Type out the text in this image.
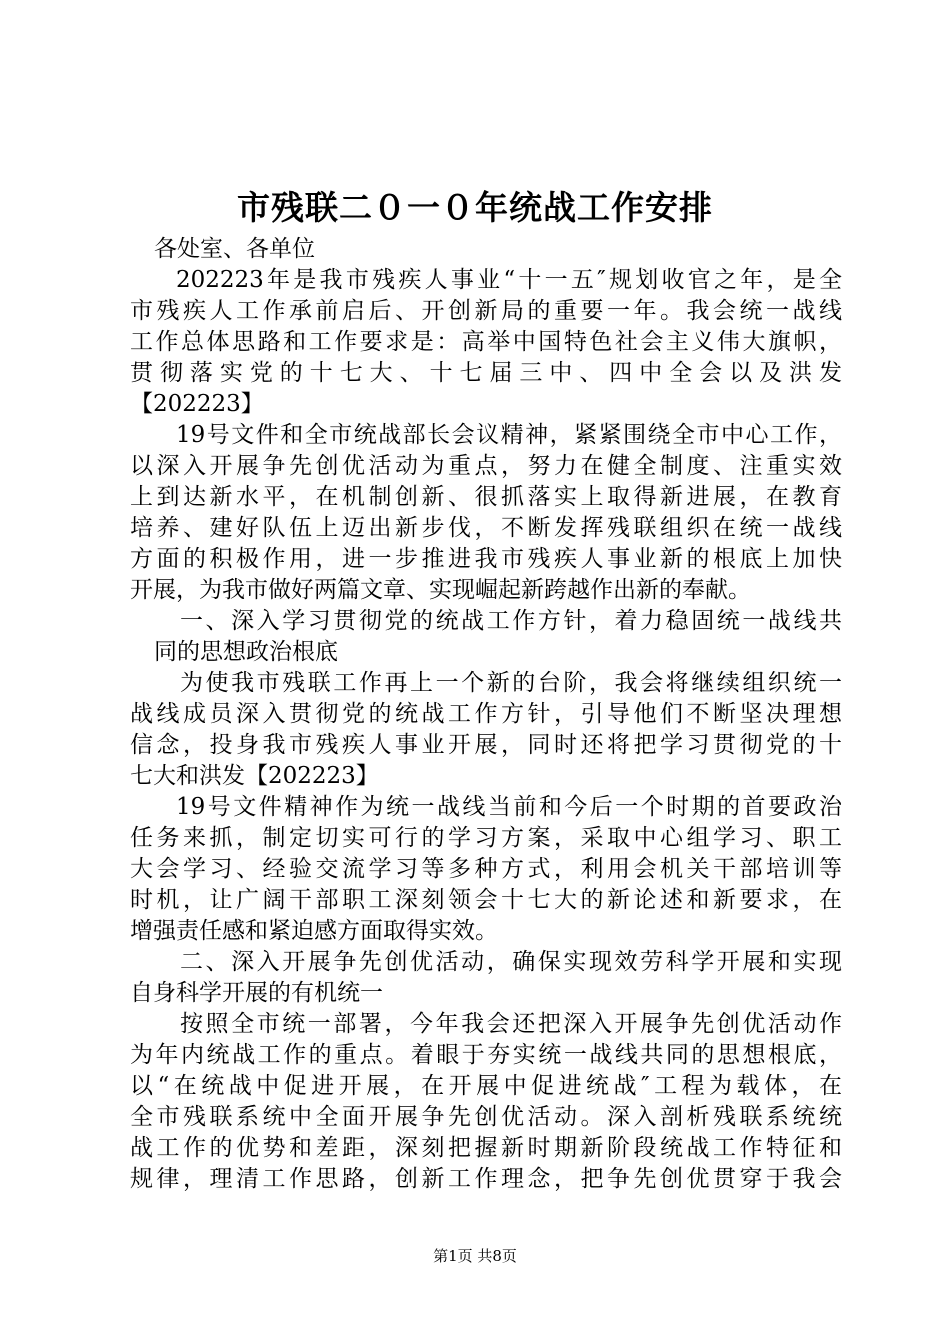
市残联二０一０年统战工作安排
各处室、各单位
202223年是我市残疾人事业“十一五″规划收官之年，是全
市残疾人工作承前启后、开创新局的重要一年。我会统一战线
工作总体思路和工作要求是：高举中国特色社会主义伟大旗帜，
贯彻落实党的十七大、十七届三中、四中全会以及洪发
【202223】
19号文件和全市统战部长会议精神，紧紧围绕全市中心工作，
以深入开展争先创优活动为重点，努力在健全制度、注重实效
上到达新水平，在机制创新、很抓落实上取得新进展，在教育
培养、建好队伍上迈出新步伐，不断发挥残联组织在统一战线
方面的积极作用，进一步推进我市残疾人事业新的根底上加快
开展，为我市做好两篇文章、实现崛起新跨越作出新的奉献。
一、深入学习贯彻党的统战工作方针，着力稳固统一战线共
同的思想政治根底
为使我市残联工作再上一个新的台阶，我会将继续组织统一
战线成员深入贯彻党的统战工作方针，引导他们不断坚决理想
信念，投身我市残疾人事业开展，同时还将把学习贯彻党的十
七大和洪发【202223】
19号文件精神作为统一战线当前和今后一个时期的首要政治
任务来抓，制定切实可行的学习方案，采取中心组学习、职工
大会学习、经验交流学习等多种方式，利用会机关干部培训等
时机，让广阔干部职工深刻领会十七大的新论述和新要求，在
增强责任感和紧迫感方面取得实效。
二、深入开展争先创优活动，确保实现效劳科学开展和实现
自身科学开展的有机统一
按照全市统一部署，今年我会还把深入开展争先创优活动作
为年内统战工作的重点。着眼于夯实统一战线共同的思想根底，
以“在统战中促进开展，在开展中促进统战″工程为载体，在
全市残联系统中全面开展争先创优活动。深入剖析残联系统统
战工作的优势和差距，深刻把握新时期新阶段统战工作特征和
规律，理清工作思路，创新工作理念，把争先创优贯穿于我会
第1页 共8页
